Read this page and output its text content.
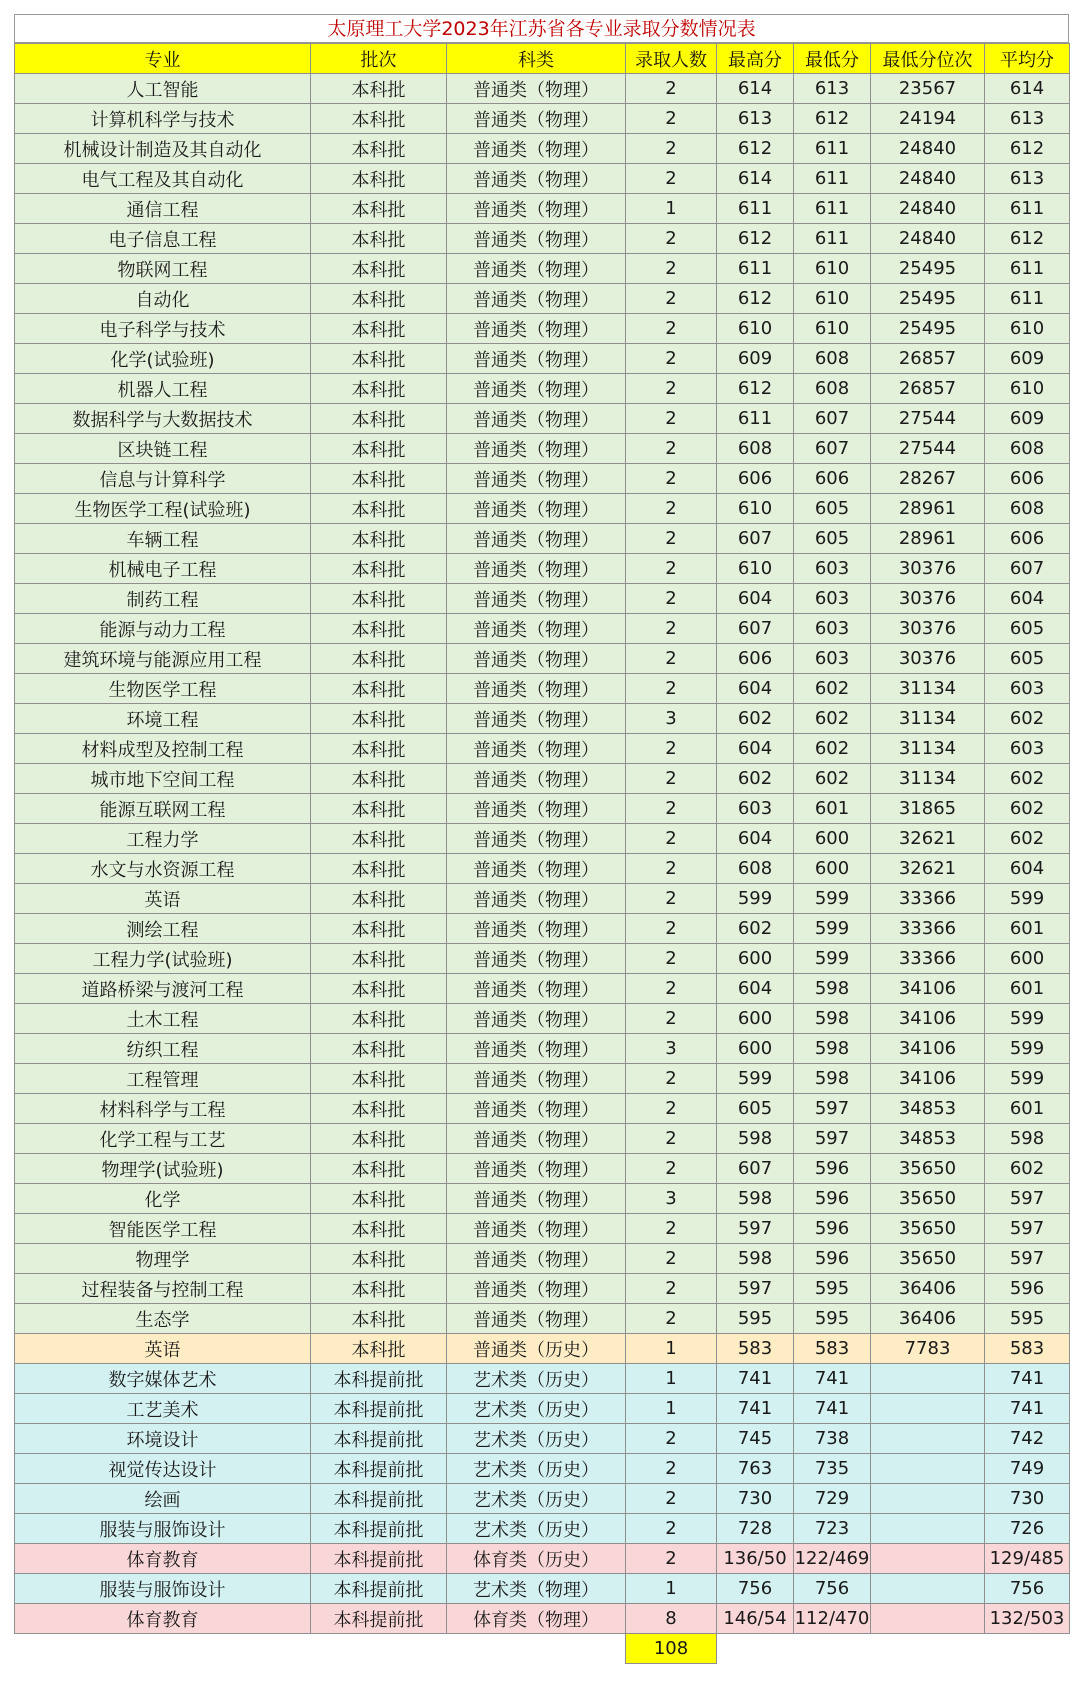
太原理工大学2023年江苏省各专业录取分数情况表
专业	批次	科类	录取人数	最高分	最低分	最低分位次	平均分
人工智能	本科批	普通类（物理）	2	614	613	23567	614
计算机科学与技术	本科批	普通类（物理）	2	613	612	24194	613
机械设计制造及其自动化	本科批	普通类（物理）	2	612	611	24840	612
电气工程及其自动化	本科批	普通类（物理）	2	614	611	24840	613
通信工程	本科批	普通类（物理）	1	611	611	24840	611
电子信息工程	本科批	普通类（物理）	2	612	611	24840	612
物联网工程	本科批	普通类（物理）	2	611	610	25495	611
自动化	本科批	普通类（物理）	2	612	610	25495	611
电子科学与技术	本科批	普通类（物理）	2	610	610	25495	610
化学(试验班)	本科批	普通类（物理）	2	609	608	26857	609
机器人工程	本科批	普通类（物理）	2	612	608	26857	610
数据科学与大数据技术	本科批	普通类（物理）	2	611	607	27544	609
区块链工程	本科批	普通类（物理）	2	608	607	27544	608
信息与计算科学	本科批	普通类（物理）	2	606	606	28267	606
生物医学工程(试验班)	本科批	普通类（物理）	2	610	605	28961	608
车辆工程	本科批	普通类（物理）	2	607	605	28961	606
机械电子工程	本科批	普通类（物理）	2	610	603	30376	607
制药工程	本科批	普通类（物理）	2	604	603	30376	604
能源与动力工程	本科批	普通类（物理）	2	607	603	30376	605
建筑环境与能源应用工程	本科批	普通类（物理）	2	606	603	30376	605
生物医学工程	本科批	普通类（物理）	2	604	602	31134	603
环境工程	本科批	普通类（物理）	3	602	602	31134	602
材料成型及控制工程	本科批	普通类（物理）	2	604	602	31134	603
城市地下空间工程	本科批	普通类（物理）	2	602	602	31134	602
能源互联网工程	本科批	普通类（物理）	2	603	601	31865	602
工程力学	本科批	普通类（物理）	2	604	600	32621	602
水文与水资源工程	本科批	普通类（物理）	2	608	600	32621	604
英语	本科批	普通类（物理）	2	599	599	33366	599
测绘工程	本科批	普通类（物理）	2	602	599	33366	601
工程力学(试验班)	本科批	普通类（物理）	2	600	599	33366	600
道路桥梁与渡河工程	本科批	普通类（物理）	2	604	598	34106	601
土木工程	本科批	普通类（物理）	2	600	598	34106	599
纺织工程	本科批	普通类（物理）	3	600	598	34106	599
工程管理	本科批	普通类（物理）	2	599	598	34106	599
材料科学与工程	本科批	普通类（物理）	2	605	597	34853	601
化学工程与工艺	本科批	普通类（物理）	2	598	597	34853	598
物理学(试验班)	本科批	普通类（物理）	2	607	596	35650	602
化学	本科批	普通类（物理）	3	598	596	35650	597
智能医学工程	本科批	普通类（物理）	2	597	596	35650	597
物理学	本科批	普通类（物理）	2	598	596	35650	597
过程装备与控制工程	本科批	普通类（物理）	2	597	595	36406	596
生态学	本科批	普通类（物理）	2	595	595	36406	595
英语	本科批	普通类（历史）	1	583	583	7783	583
数字媒体艺术	本科提前批	艺术类（历史）	1	741	741		741
工艺美术	本科提前批	艺术类（历史）	1	741	741		741
环境设计	本科提前批	艺术类（历史）	2	745	738		742
视觉传达设计	本科提前批	艺术类（历史）	2	763	735		749
绘画	本科提前批	艺术类（历史）	2	730	729		730
服装与服饰设计	本科提前批	艺术类（历史）	2	728	723		726
体育教育	本科提前批	体育类（历史）	2	136/50	122/469		129/485
服装与服饰设计	本科提前批	艺术类（物理）	1	756	756		756
体育教育	本科提前批	体育类（物理）	8	146/54	112/470		132/503
			108				
